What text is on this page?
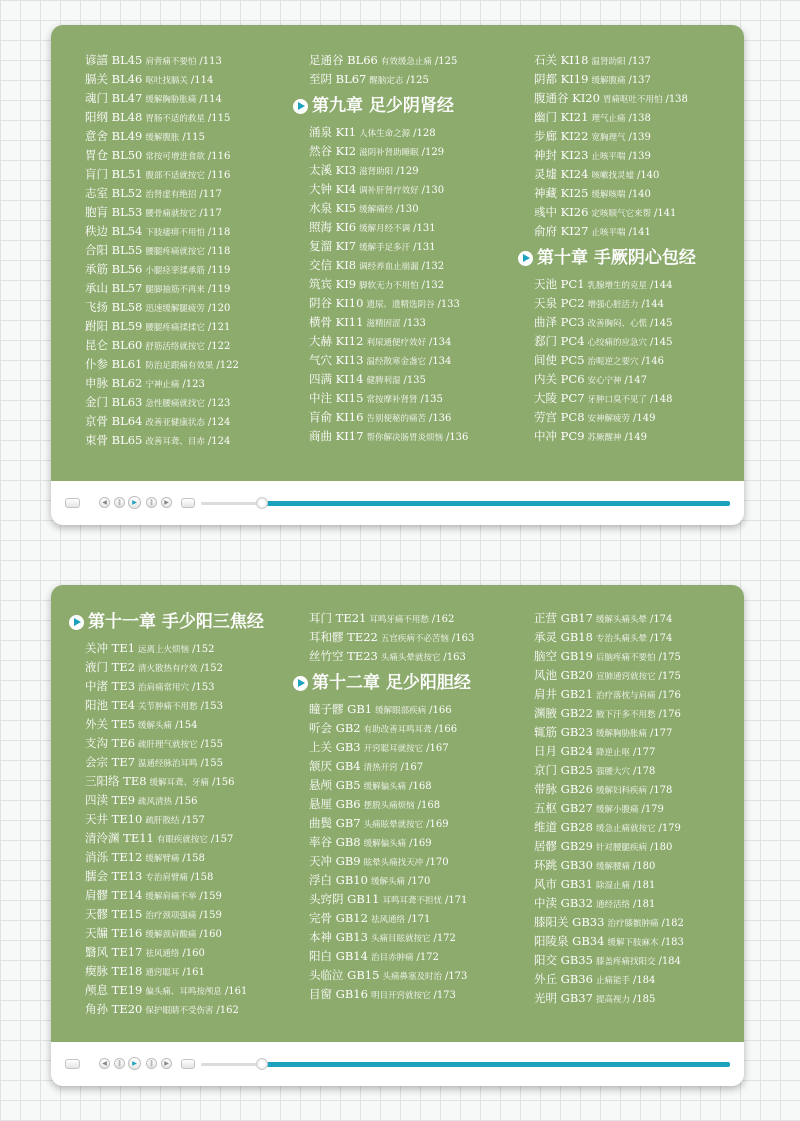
谚譆 BL45 肩背痛不要怕 /113
膈关 BL46 呕吐找膈关 /114
魂门 BL47 缓解胸胁胀痛 /114
阳纲 BL48 胃肠不适的救星 /115
意舍 BL49 缓解腹胀 /115
胃仓 BL50 常按可增进食欲 /116
肓门 BL51 腹部不适就按它 /116
志室 BL52 治肾虚有绝招 /117
胞肓 BL53 腰骨痛就按它 /117
秩边 BL54 下肢痿痹不用怕 /118
合阳 BL55 腰腿疼痛就按它 /118
承筋 BL56 小腿痉挛揉承筋 /119
承山 BL57 腿脚抽筋不再来 /119
飞扬 BL58 迅速缓解腿疲劳 /120
跗阳 BL59 腰腿疼痛揉揉它 /121
昆仑 BL60 舒筋活络就按它 /122
仆参 BL61 防治足跟痛有效果 /122
申脉 BL62 宁神止痛 /123
金门 BL63 急性腰痛就找它 /123
京骨 BL64 改善亚健康状态 /124
束骨 BL65 改善耳聋、目赤 /124
足通谷 BL66 有效缓急止痛 /125
至阴 BL67 醒脑定志 /125
第九章 足少阴肾经
涌泉 KI1 人体生命之源 /128
然谷 KI2 滋阴补肾助睡眠 /129
太溪 KI3 滋肾助阳 /129
大钟 KI4 调补肝肾疗效好 /130
水泉 KI5 缓解痛经 /130
照海 KI6 缓解月经不调 /131
复溜 KI7 缓解手足多汗 /131
交信 KI8 调经养血止崩漏 /132
筑宾 KI9 脚软无力不用怕 /132
阴谷 KI10 遗尿、遗精选阴谷 /133
横骨 KI11 滋精固涩 /133
大赫 KI12 利尿通便疗效好 /134
气穴 KI13 温经散寒金盏它 /134
四满 KI14 健脾利湿 /135
中注 KI15 常按摩补肾肾 /135
肓俞 KI16 告别便秘的痛苦 /136
商曲 KI17 帮你解决肠胃炎烦恼 /136
石关 KI18 温肾助阳 /137
阴都 KI19 缓解腹痛 /137
腹通谷 KI20 胃痛呕吐不用怕 /138
幽门 KI21 理气止痛 /138
步廊 KI22 宽胸理气 /139
神封 KI23 止咳平喘 /139
灵墟 KI24 咳嗽找灵墟 /140
神藏 KI25 缓解咳喘 /140
彧中 KI26 定咳顺气它来帮 /141
俞府 KI27 止咳平喘 /141
第十章 手厥阴心包经
天池 PC1 乳腺增生的克星 /144
天泉 PC2 增强心脏活力 /144
曲泽 PC3 改善胸闷、心慌 /145
郄门 PC4 心绞痛的应急穴 /145
间使 PC5 治呃逆之要穴 /146
内关 PC6 安心宁神 /147
大陵 PC7 牙肿口臭不见了 /148
劳宫 PC8 安神解疲劳 /149
中冲 PC9 苏厥醒神 /149
◀	‖	▶	‖	▶
第十一章 手少阳三焦经
关冲 TE1 远离上火烦恼 /152
液门 TE2 清火散热有疗效 /152
中渚 TE3 治肩痛常用穴 /153
阳池 TE4 关节肿痛不用愁 /153
外关 TE5 缓解头痛 /154
支沟 TE6 疏肝理气就按它 /155
会宗 TE7 温通经脉治耳鸣 /155
三阳络 TE8 缓解耳聋、牙痛 /156
四渎 TE9 疏风清热 /156
天井 TE10 疏肝散结 /157
清泠渊 TE11 有眼疾就按它 /157
消泺 TE12 缓解臂痛 /158
臑会 TE13 专治肩臂痛 /158
肩髎 TE14 缓解肩痛不举 /159
天髎 TE15 治疗颈项强痛 /159
天牖 TE16 缓解颈肩酸痛 /160
翳风 TE17 祛风通络 /160
瘈脉 TE18 通窍聪耳 /161
颅息 TE19 偏头痛、耳鸣按颅息 /161
角孙 TE20 保护眼睛不受伤害 /162
耳门 TE21 耳鸣牙痛不用愁 /162
耳和髎 TE22 五官疾病不必苦恼 /163
丝竹空 TE23 头痛头晕就按它 /163
第十二章 足少阳胆经
瞳子髎 GB1 缓解眼部疾病 /166
听会 GB2 有助改善耳鸣耳聋 /166
上关 GB3 开窍聪耳就按它 /167
颔厌 GB4 清热开窍 /167
悬颅 GB5 缓解偏头痛 /168
悬厘 GB6 摆脱头痛烦恼 /168
曲鬓 GB7 头痛眩晕就按它 /169
率谷 GB8 缓解偏头痛 /169
天冲 GB9 眩晕头痛找天冲 /170
浮白 GB10 缓解头痛 /170
头窍阴 GB11 耳鸣耳聋不担忧 /171
完骨 GB12 祛风通络 /171
本神 GB13 头痛目眩就按它 /172
阳白 GB14 治目赤肿痛 /172
头临泣 GB15 头痛鼻塞及时治 /173
目窗 GB16 明目开窍就按它 /173
正营 GB17 缓解头痛头晕 /174
承灵 GB18 专治头痛头晕 /174
脑空 GB19 后脑疼痛不要怕 /175
风池 GB20 宣肺通窍就按它 /175
肩井 GB21 治疗落枕与肩痛 /176
渊腋 GB22 腋下汗多不用愁 /176
辄筋 GB23 缓解胸胁胀痛 /177
日月 GB24 降逆止呕 /177
京门 GB25 强腰大穴 /178
带脉 GB26 缓解妇科疾病 /178
五枢 GB27 缓解小腹痛 /179
维道 GB28 缓急止痛就按它 /179
居髎 GB29 针对腰腿疾病 /180
环跳 GB30 缓解腰痛 /180
风市 GB31 除湿止痛 /181
中渎 GB32 通经活络 /181
膝阳关 GB33 治疗膝髌肿痛 /182
阳陵泉 GB34 缓解下肢麻木 /183
阳交 GB35 膝盖疼痛找阳交 /184
外丘 GB36 止痛能手 /184
光明 GB37 提高视力 /185
◀	‖	▶	‖	▶
